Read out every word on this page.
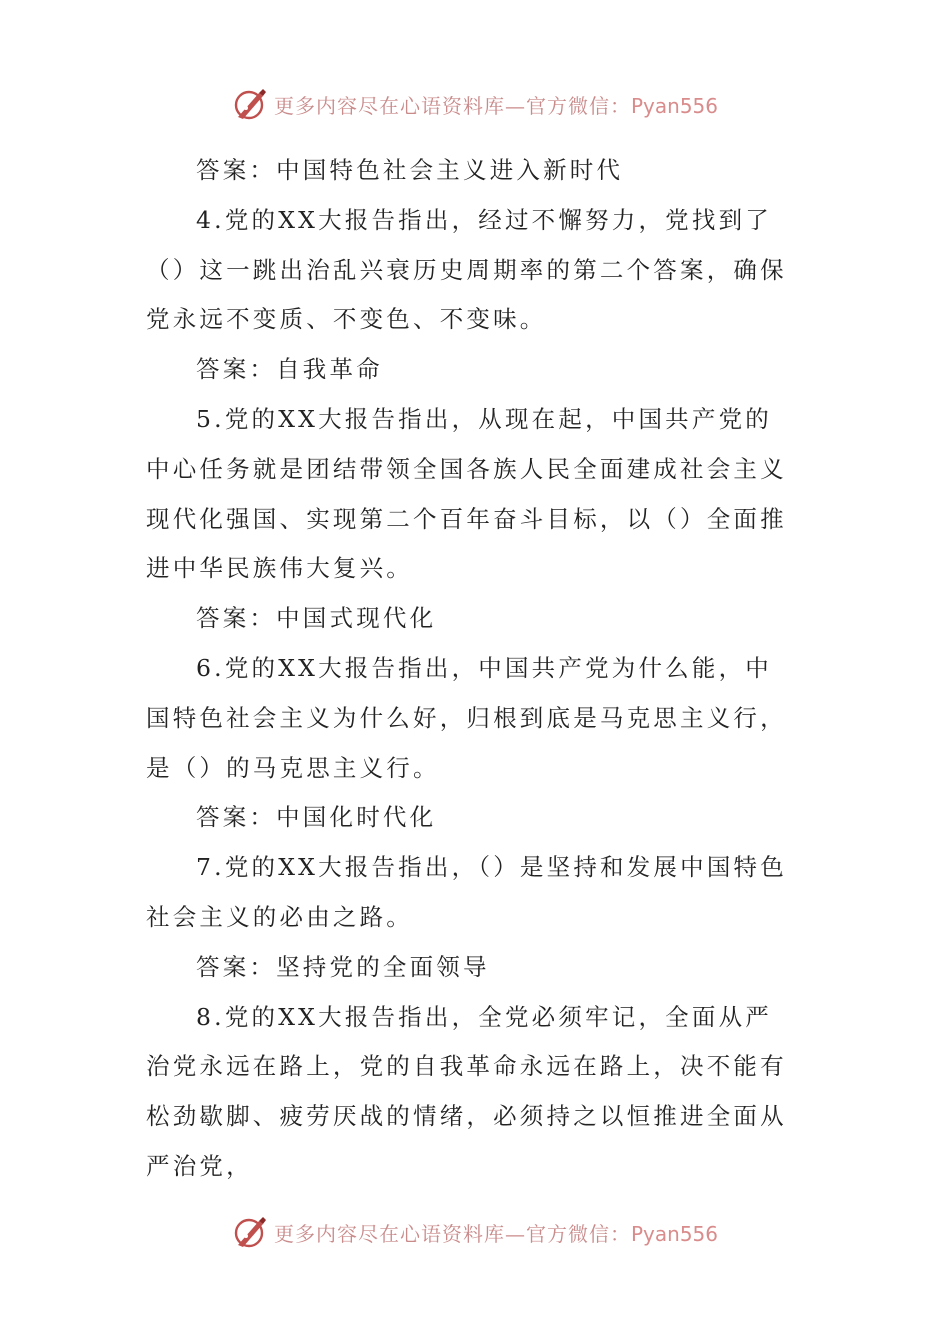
更多内容尽在心语资料库—官方微信：Pyan556

答案：中国特色社会主义进入新时代

4.党的XX大报告指出，经过不懈努力，党找到了（）这一跳出治乱兴衰历史周期率的第二个答案，确保党永远不变质、不变色、不变味。

答案：自我革命

5.党的XX大报告指出，从现在起，中国共产党的中心任务就是团结带领全国各族人民全面建成社会主义现代化强国、实现第二个百年奋斗目标，以（）全面推进中华民族伟大复兴。

答案：中国式现代化

6.党的XX大报告指出，中国共产党为什么能，中国特色社会主义为什么好，归根到底是马克思主义行，是（）的马克思主义行。

答案：中国化时代化

7.党的XX大报告指出，（）是坚持和发展中国特色社会主义的必由之路。

答案：坚持党的全面领导

8.党的XX大报告指出，全党必须牢记，全面从严治党永远在路上，党的自我革命永远在路上，决不能有松劲歇脚、疲劳厌战的情绪，必须持之以恒推进全面从严治党，

更多内容尽在心语资料库—官方微信：Pyan556
